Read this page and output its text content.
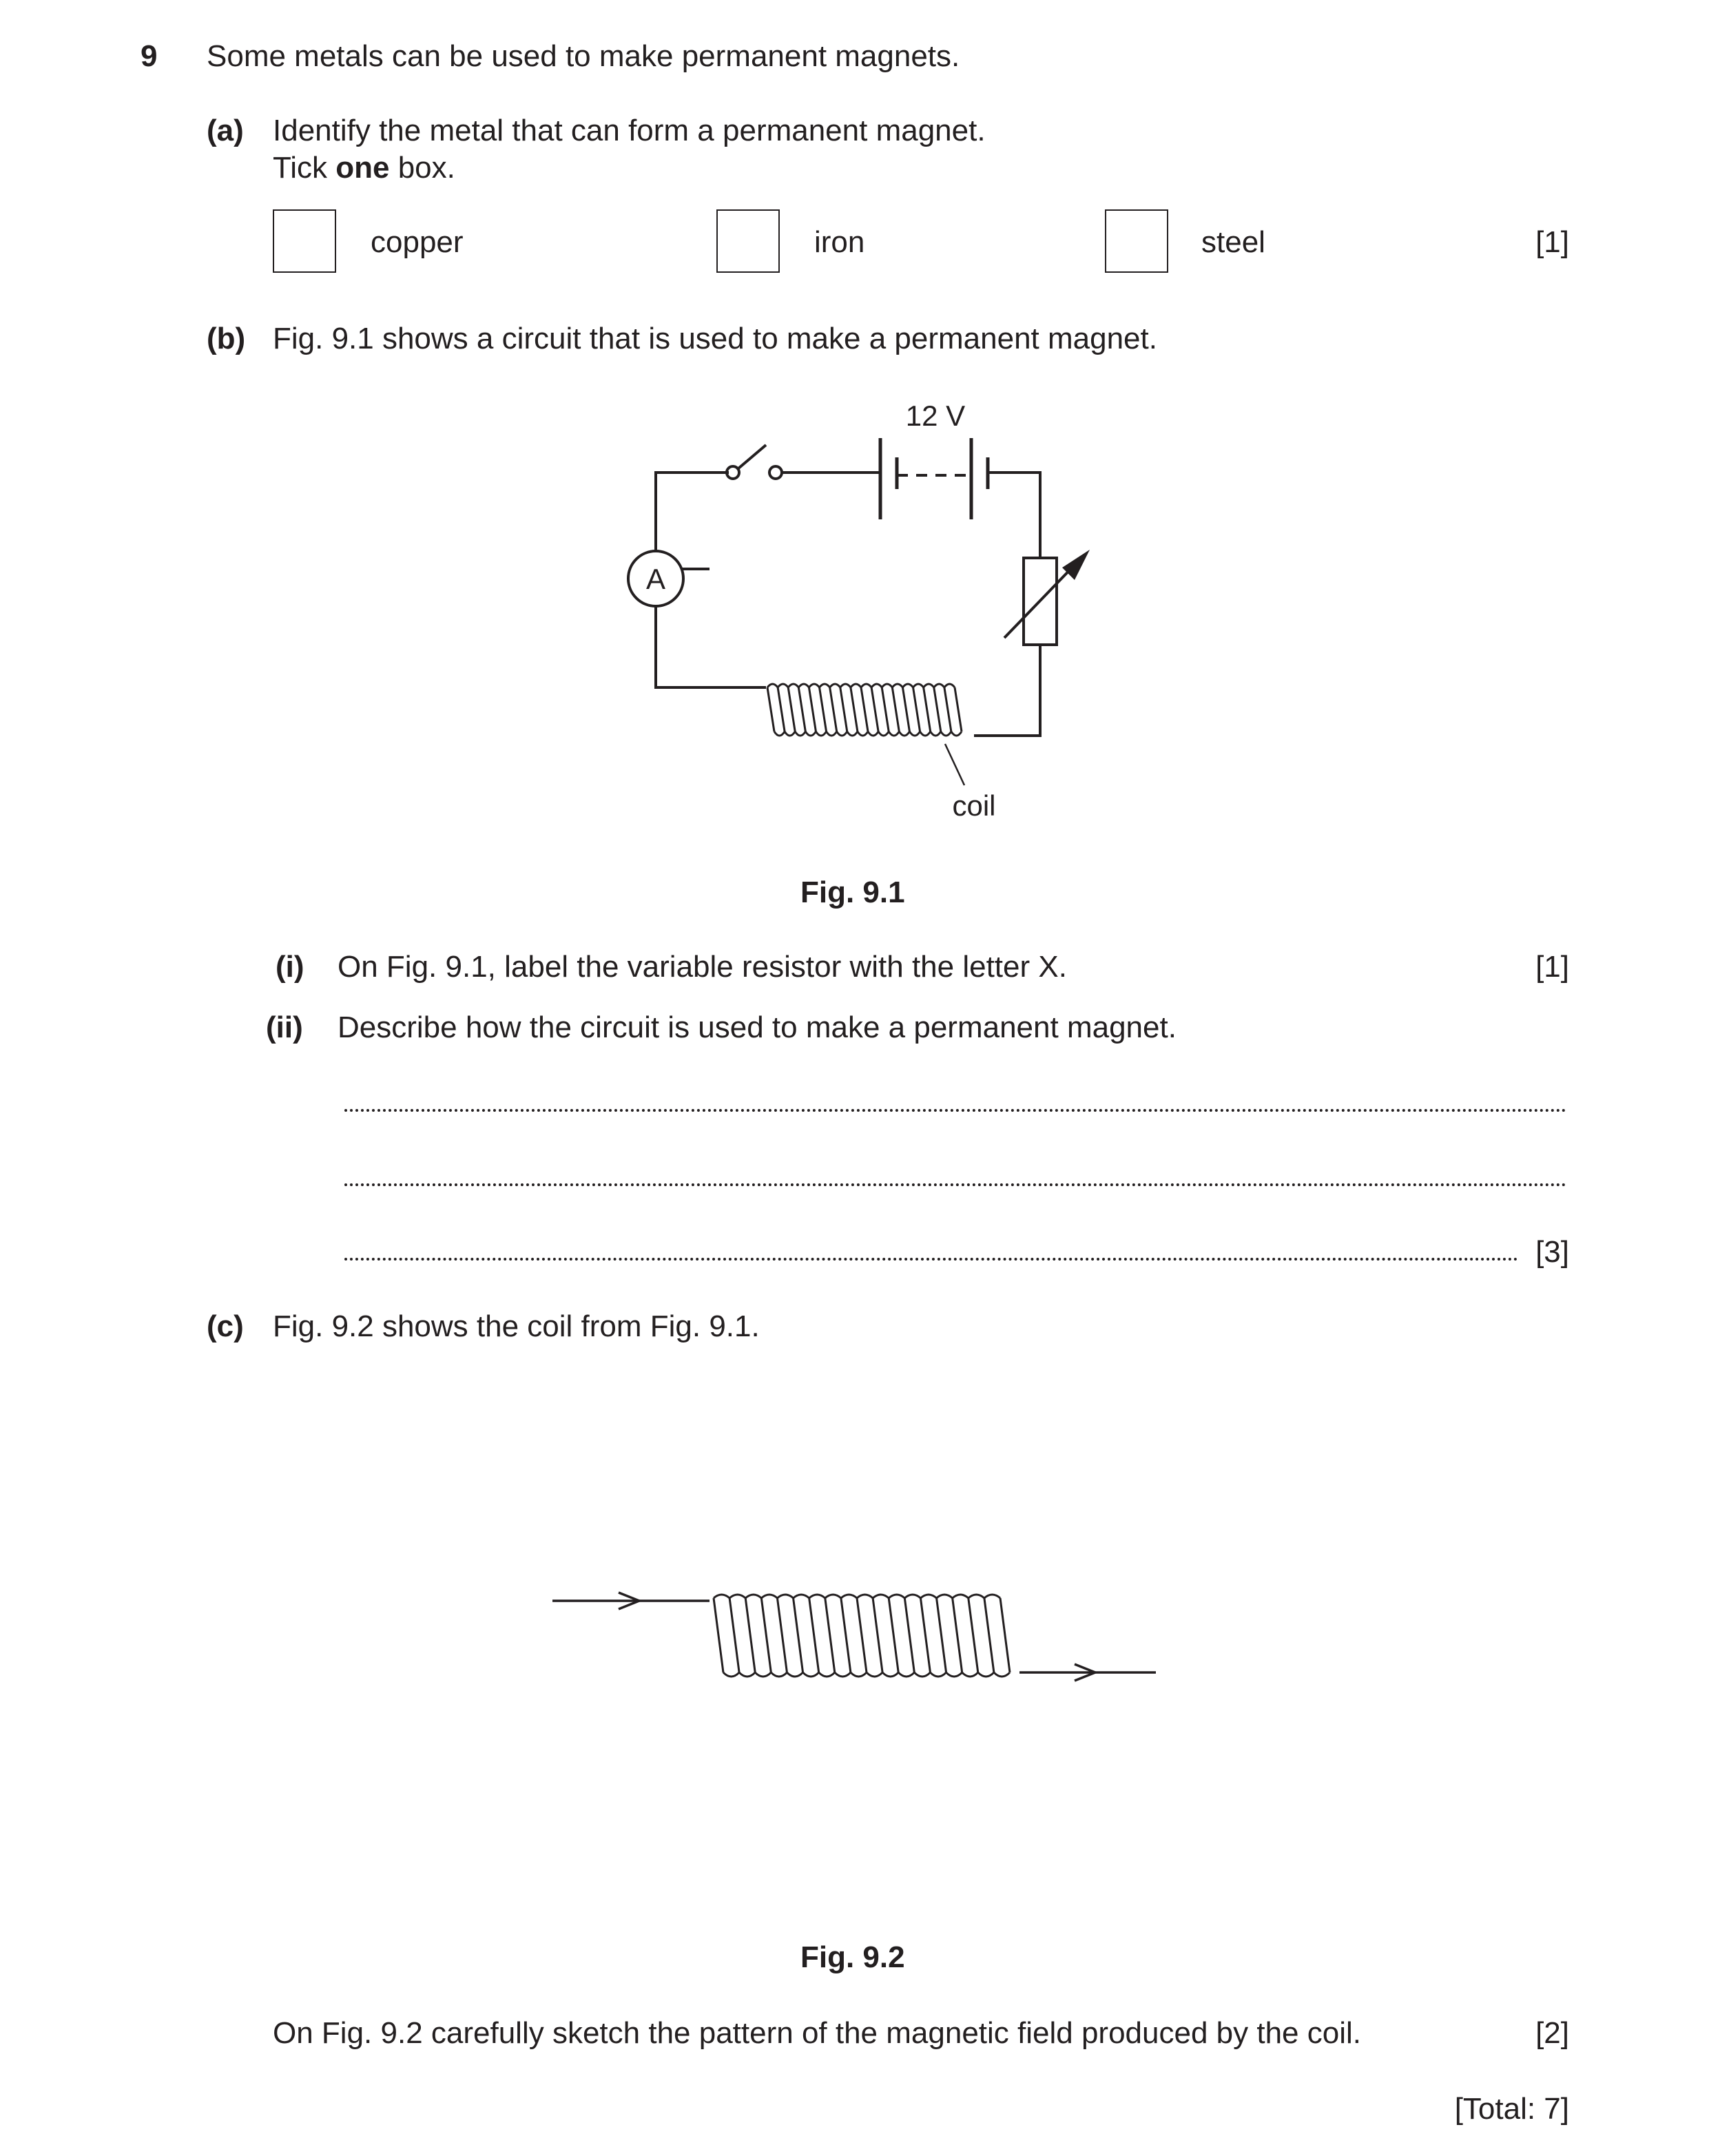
9 Some metals can be used to make permanent magnets.
(a) Identify the metal that can form a permanent magnet.
Tick one box.
copper	iron	steel	[1]
(b) Fig. 9.1 shows a circuit that is used to make a permanent magnet.
A
12 V
coil
Fig. 9.1
(i) On Fig. 9.1, label the variable resistor with the letter X.	[1]
(ii) Describe how the circuit is used to make a permanent magnet.
[3]
(c) Fig. 9.2 shows the coil from Fig. 9.1.
Fig. 9.2
On Fig. 9.2 carefully sketch the pattern of the magnetic field produced by the coil.	[2]
[Total: 7]
